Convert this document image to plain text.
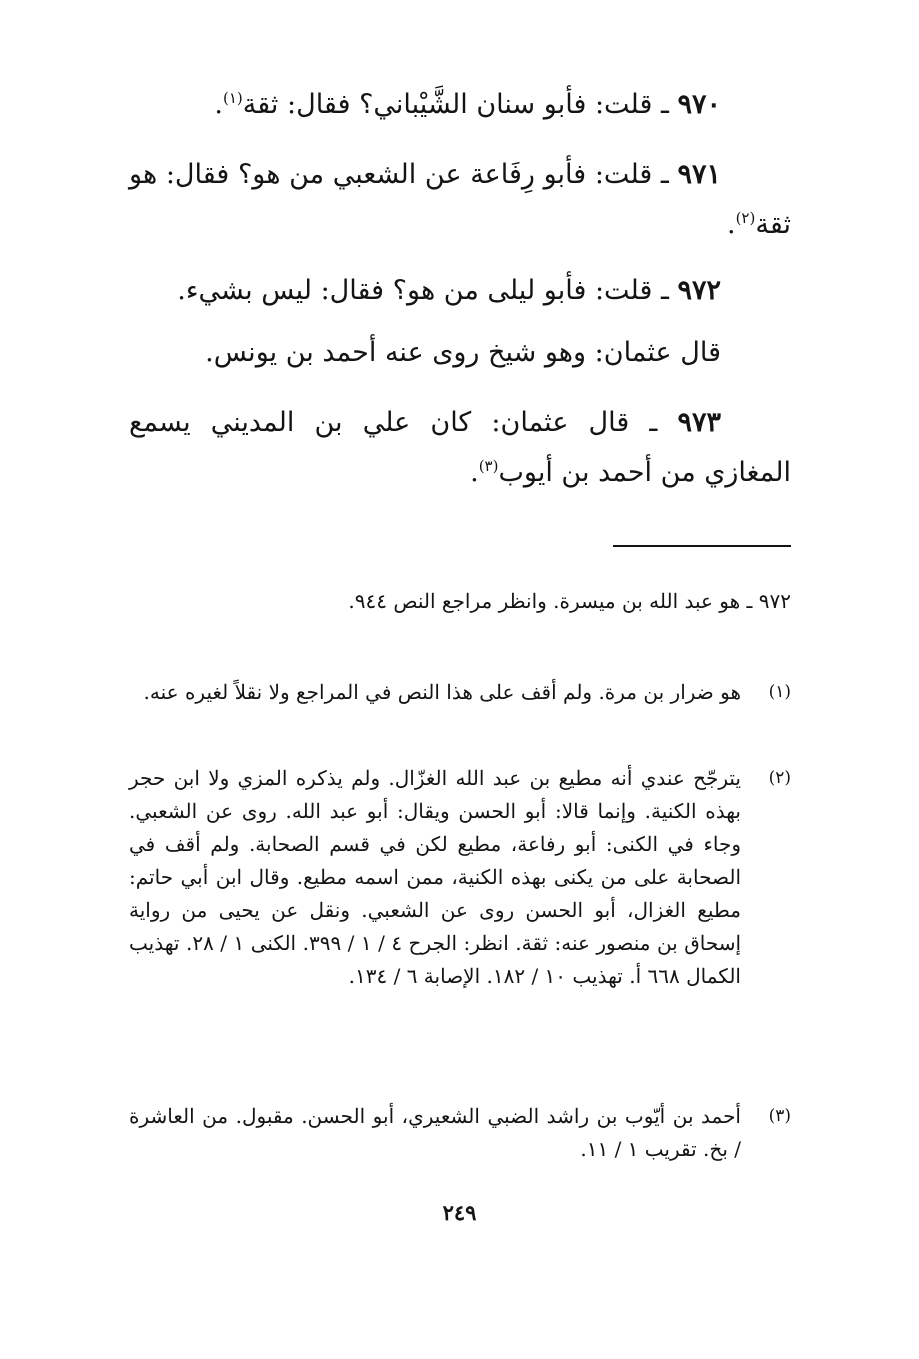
٩٧٠ ـ قلت: فأبو سنان الشَّيْباني؟ فقال: ثقة$^{(١)}$.

٩٧١ ـ قلت: فأبو رِفَاعة عن الشعبي من هو؟ فقال: هو ثقة$^{(٢)}$.

٩٧٢ ـ قلت: فأبو ليلى من هو؟ فقال: ليس بشيء.

قال عثمان: وهو شيخ روى عنه أحمد بن يونس.

٩٧٣ ـ قال عثمان: كان علي بن المديني يسمع المغازي من أحمد بن أيوب$^{(٣)}$.

٩٧٢ ـ هو عبد الله بن ميسرة. وانظر مراجع النص ٩٤٤.

(١)

هو ضرار بن مرة. ولم أقف على هذا النص في المراجع ولا نقلاً لغيره عنه.

(٢)

يترجّح عندي أنه مطيع بن عبد الله الغزّال. ولم يذكره المزي ولا ابن حجر بهذه الكنية. وإنما قالا: أبو الحسن ويقال: أبو عبد الله. روى عن الشعبي. وجاء في الكنى: أبو رفاعة، مطيع لكن في قسم الصحابة. ولم أقف في الصحابة على من يكنى بهذه الكنية، ممن اسمه مطيع. وقال ابن أبي حاتم: مطيع الغزال، أبو الحسن روى عن الشعبي. ونقل عن يحيى من رواية إسحاق بن منصور عنه: ثقة. انظر: الجرح ٤ / ١ / ٣٩٩. الكنى ١ / ٢٨. تهذيب الكمال ٦٦٨ أ. تهذيب ١٠ / ١٨٢. الإصابة ٦ / ١٣٤.

(٣)

أحمد بن أيّوب بن راشد الضبي الشعيري، أبو الحسن. مقبول. من العاشرة / بخ. تقريب ١ / ١١.

٢٤٩
